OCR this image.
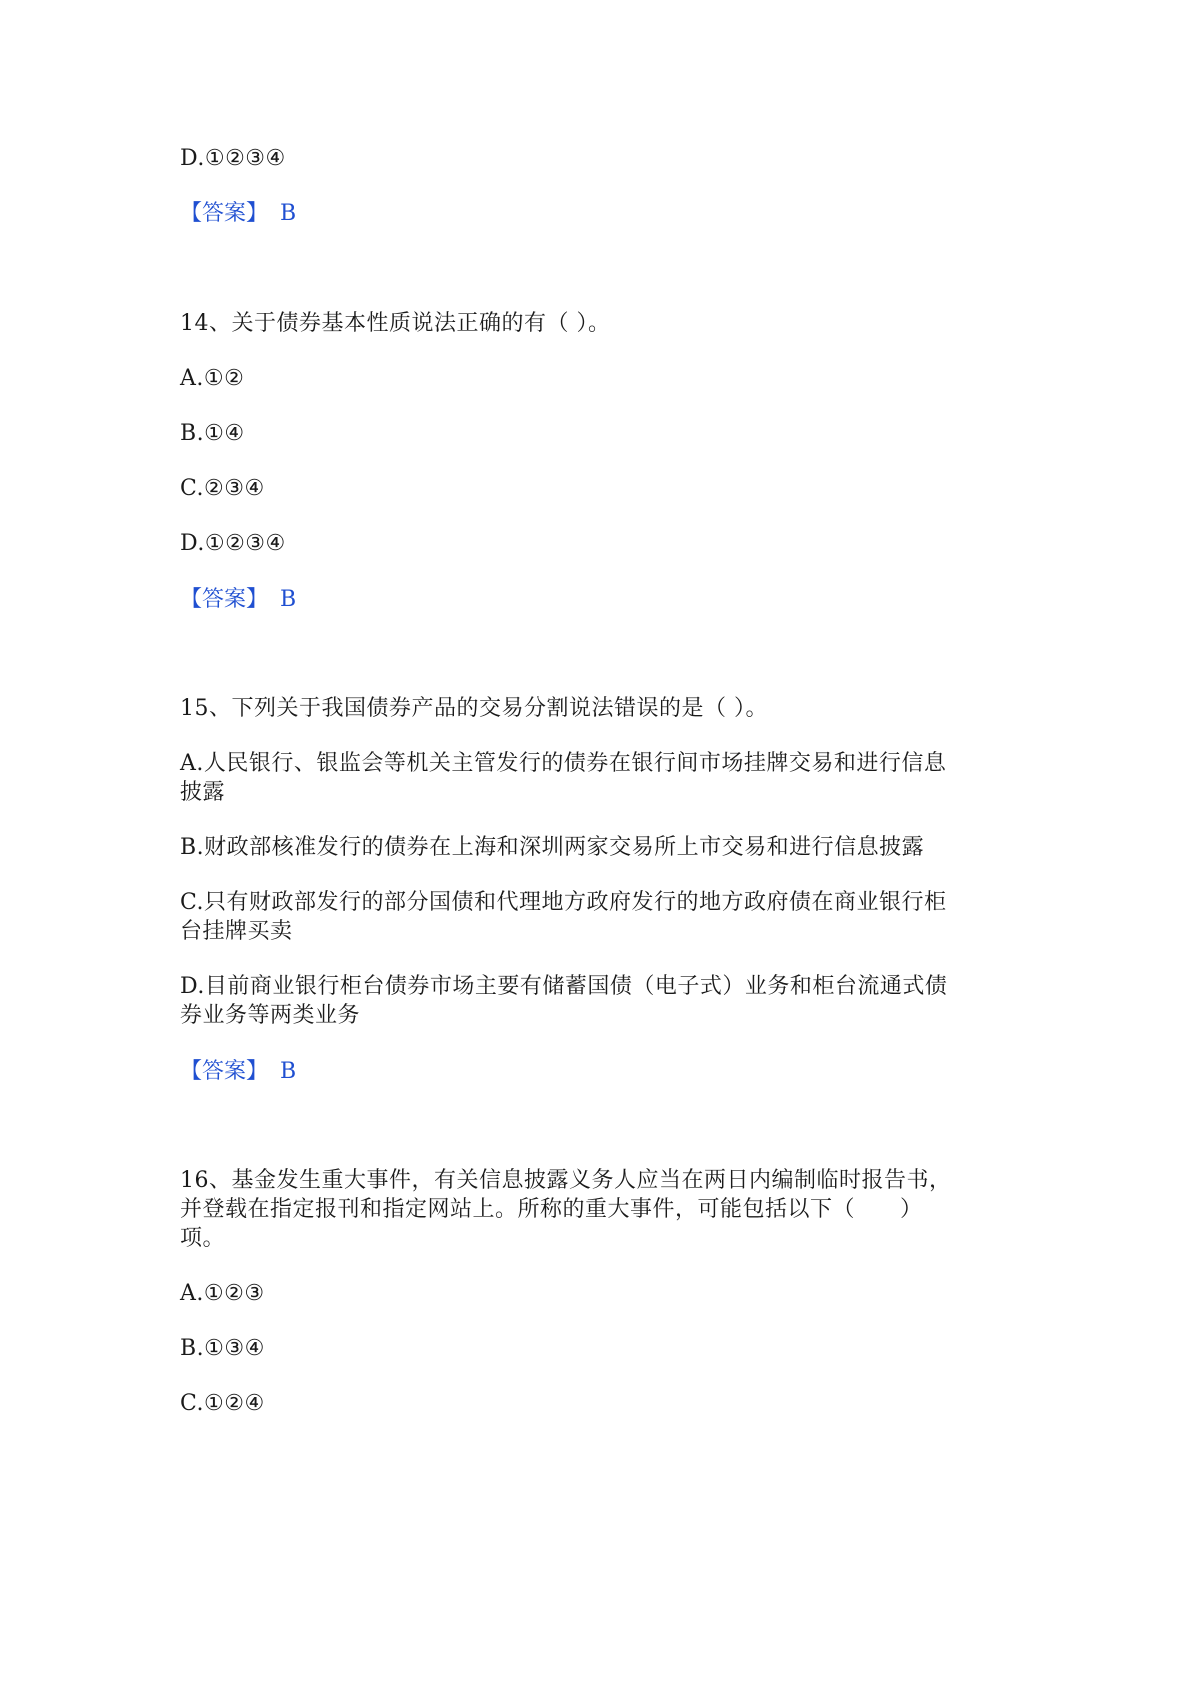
D.①②③④
【答案】 B
14、关于债券基本性质说法正确的有（ ）。
A.①②
B.①④
C.②③④
D.①②③④
【答案】 B
15、下列关于我国债券产品的交易分割说法错误的是（ ）。
A.人民银行、银监会等机关主管发行的债券在银行间市场挂牌交易和进行信息
披露
B.财政部核准发行的债券在上海和深圳两家交易所上市交易和进行信息披露
C.只有财政部发行的部分国债和代理地方政府发行的地方政府债在商业银行柜
台挂牌买卖
D.目前商业银行柜台债券市场主要有储蓄国债（电子式）业务和柜台流通式债
券业务等两类业务
【答案】 B
16、基金发生重大事件，有关信息披露义务人应当在两日内编制临时报告书，
并登载在指定报刊和指定网站上。所称的重大事件，可能包括以下（　　）
项。
A.①②③
B.①③④
C.①②④
